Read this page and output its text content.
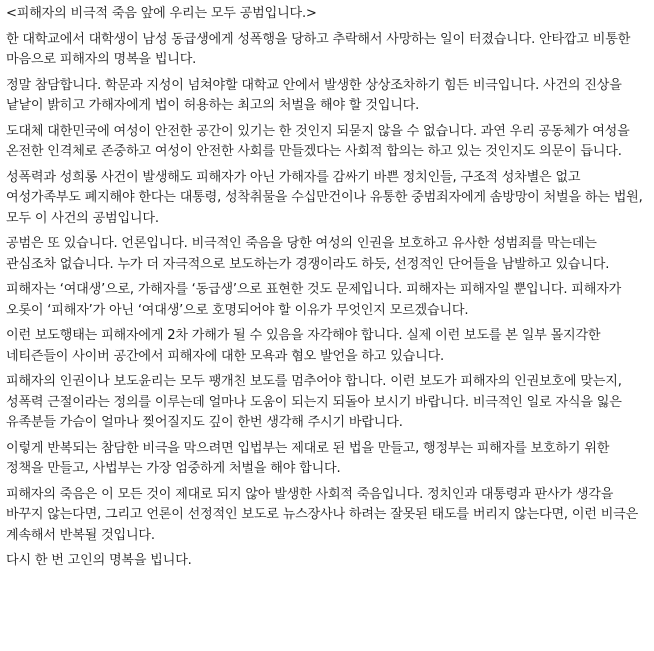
<피해자의 비극적 죽음 앞에 우리는 모두 공범입니다.>

한 대학교에서 대학생이 남성 동급생에게 성폭행을 당하고 추락해서 사망하는 일이 터졌습니다. 안타깝고 비통한 마음으로 피해자의 명복을 빕니다.

정말 참담합니다. 학문과 지성이 넘쳐야할 대학교 안에서 발생한 상상조차하기 힘든 비극입니다. 사건의 진상을 낱낱이 밝히고 가해자에게 법이 허용하는 최고의 처벌을 해야 할 것입니다.

도대체 대한민국에 여성이 안전한 공간이 있기는 한 것인지 되묻지 않을 수 없습니다. 과연 우리 공동체가 여성을 온전한 인격체로 존중하고 여성이 안전한 사회를 만들겠다는 사회적 합의는 하고 있는 것인지도 의문이 듭니다.

성폭력과 성희롱 사건이 발생해도 피해자가 아닌 가해자를 감싸기 바쁜 정치인들, 구조적 성차별은 없고 여성가족부도 폐지해야 한다는 대통령, 성착취물을 수십만건이나 유통한 중범죄자에게 솜방망이 처벌을 하는 법원, 모두 이 사건의 공범입니다.

공범은 또 있습니다. 언론입니다. 비극적인 죽음을 당한 여성의 인권을 보호하고 유사한 성범죄를 막는데는 관심조차 없습니다. 누가 더 자극적으로 보도하는가 경쟁이라도 하듯, 선정적인 단어들을 남발하고 있습니다.

피해자는 ‘여대생’으로, 가해자를 ‘동급생’으로 표현한 것도 문제입니다. 피해자는 피해자일 뿐입니다. 피해자가 오롯이 ‘피해자’가 아닌 ‘여대생’으로 호명되어야 할 이유가 무엇인지 모르겠습니다.

이런 보도행태는 피해자에게 2차 가해가 될 수 있음을 자각해야 합니다. 실제 이런 보도를 본 일부 몰지각한 네티즌들이 사이버 공간에서 피해자에 대한 모욕과 혐오 발언을 하고 있습니다.

피해자의 인권이나 보도윤리는 모두 팽개친 보도를 멈추어야 합니다. 이런 보도가 피해자의 인권보호에 맞는지, 성폭력 근절이라는 정의를 이루는데 얼마나 도움이 되는지 되돌아 보시기 바랍니다. 비극적인 일로 자식을 잃은 유족분들 가슴이 얼마나 찢어질지도 깊이 한번 생각해 주시기 바랍니다.

이렇게 반복되는 참담한 비극을 막으려면 입법부는 제대로 된 법을 만들고, 행정부는 피해자를 보호하기 위한 정책을 만들고, 사법부는 가장 엄중하게 처벌을 해야 합니다.

피해자의 죽음은 이 모든 것이 제대로 되지 않아 발생한 사회적 죽음입니다. 정치인과 대통령과 판사가 생각을 바꾸지 않는다면, 그리고 언론이 선정적인 보도로 뉴스장사나 하려는 잘못된 태도를 버리지 않는다면, 이런 비극은 계속해서 반복될 것입니다.

다시 한 번 고인의 명복을 빕니다.
